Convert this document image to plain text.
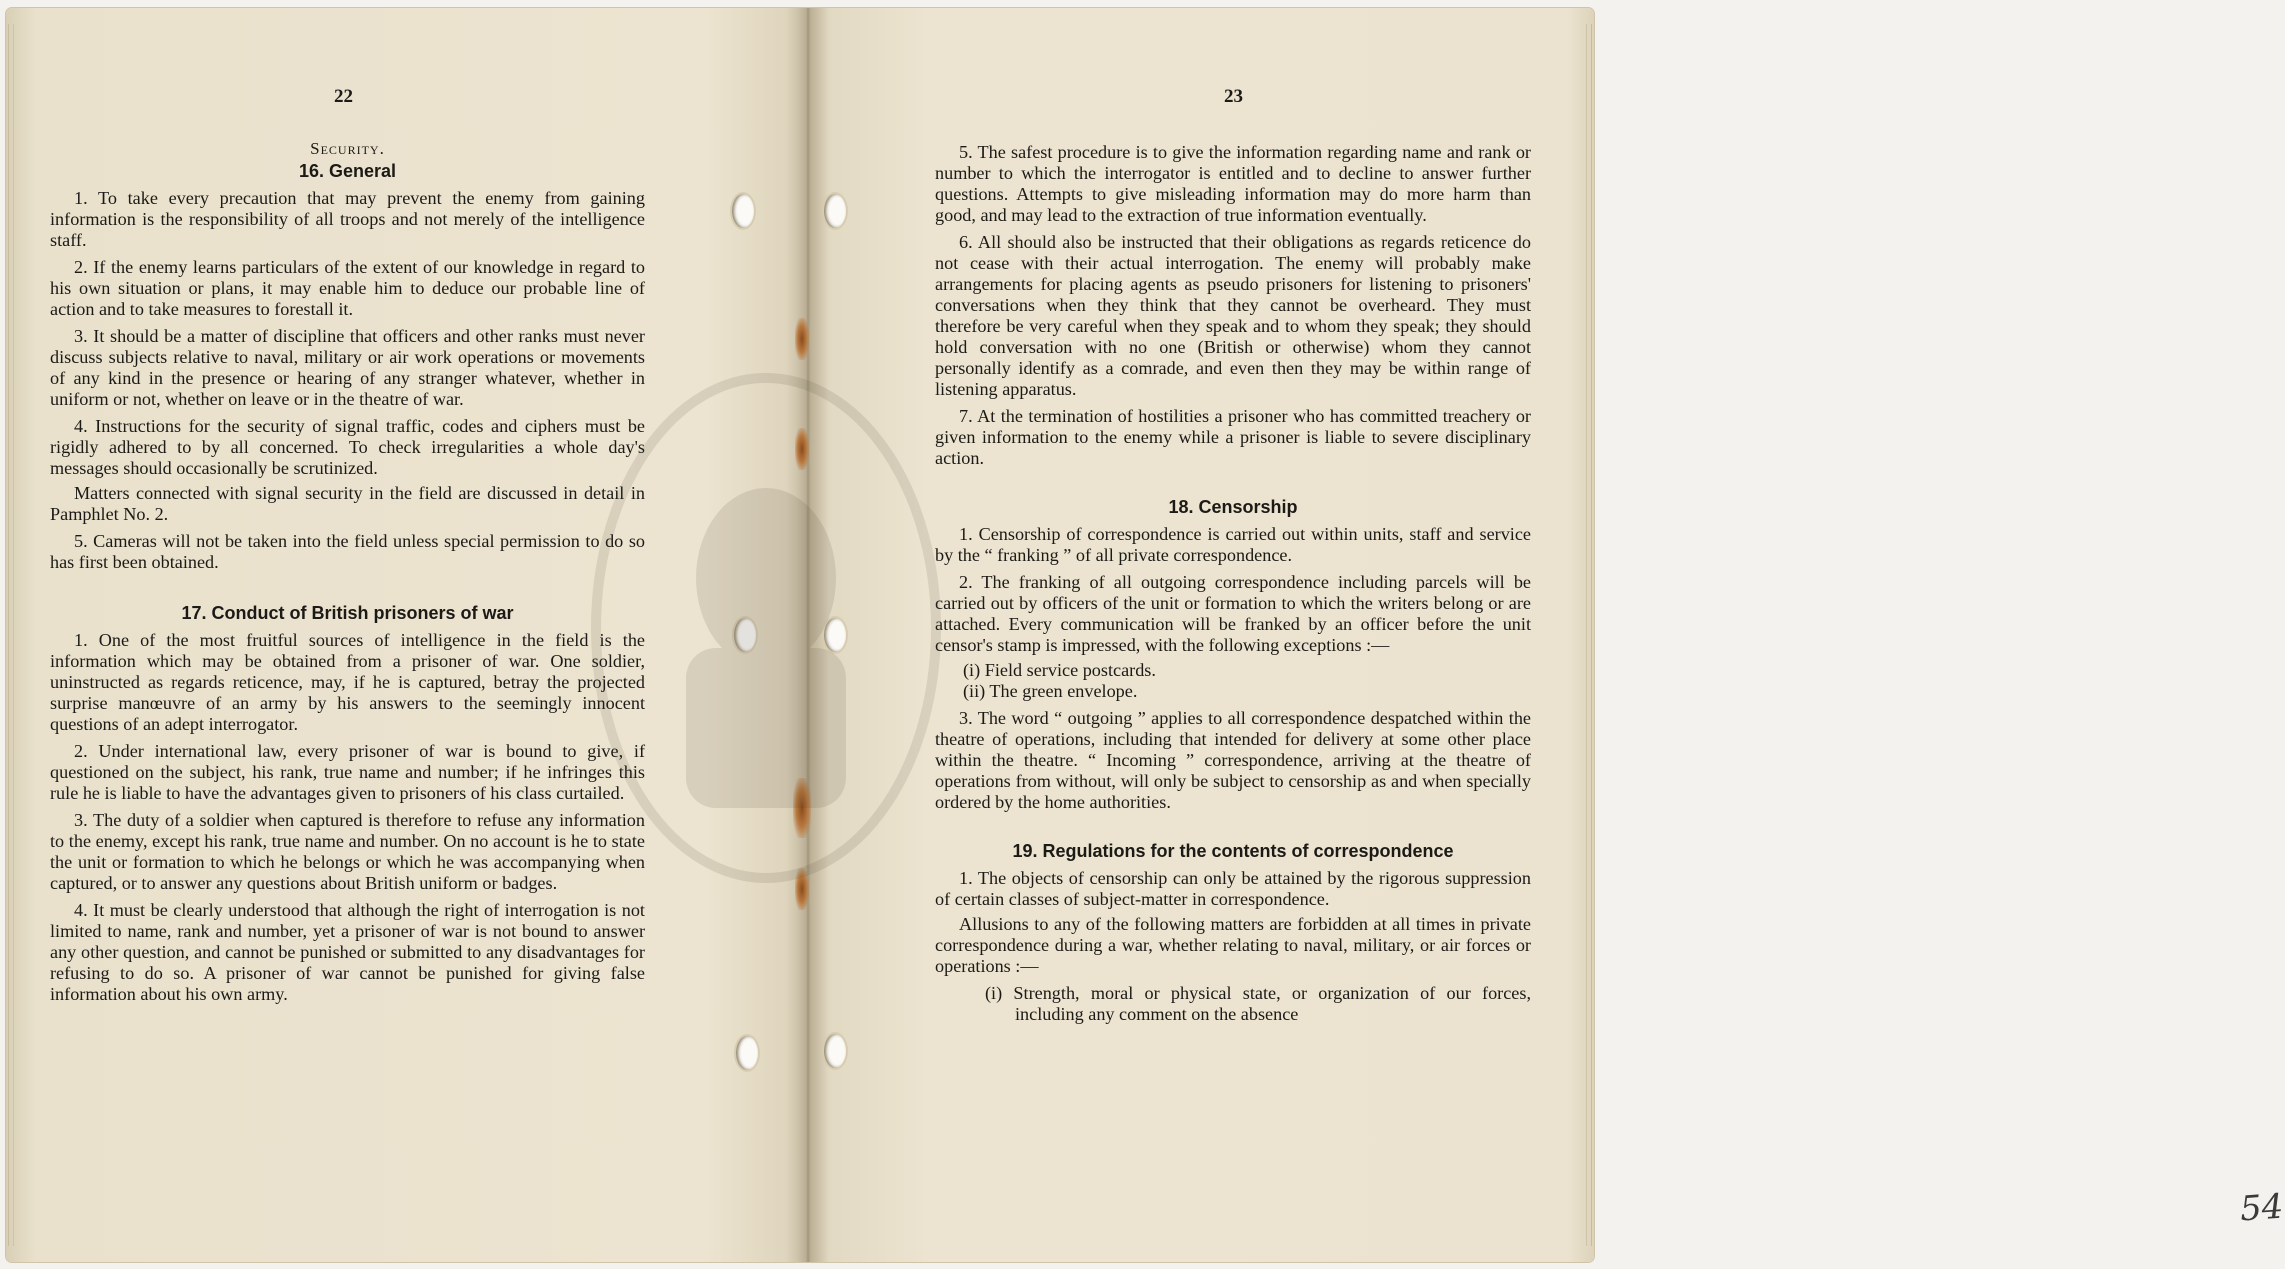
22

Security.

16. General

1. To take every precaution that may prevent the enemy from gaining information is the responsibility of all troops and not merely of the intelligence staff.

2. If the enemy learns particulars of the extent of our knowledge in regard to his own situation or plans, it may enable him to deduce our probable line of action and to take measures to forestall it.

3. It should be a matter of discipline that officers and other ranks must never discuss subjects relative to naval, military or air work operations or movements of any kind in the presence or hearing of any stranger whatever, whether in uniform or not, whether on leave or in the theatre of war.

4. Instructions for the security of signal traffic, codes and ciphers must be rigidly adhered to by all concerned. To check irregularities a whole day's messages should occasionally be scrutinized.

Matters connected with signal security in the field are discussed in detail in Pamphlet No. 2.

5. Cameras will not be taken into the field unless special permission to do so has first been obtained.

17. Conduct of British prisoners of war

1. One of the most fruitful sources of intelligence in the field is the information which may be obtained from a prisoner of war. One soldier, uninstructed as regards reticence, may, if he is captured, betray the projected surprise manœuvre of an army by his answers to the seemingly innocent questions of an adept interrogator.

2. Under international law, every prisoner of war is bound to give, if questioned on the subject, his rank, true name and number; if he infringes this rule he is liable to have the advantages given to prisoners of his class curtailed.

3. The duty of a soldier when captured is therefore to refuse any information to the enemy, except his rank, true name and number. On no account is he to state the unit or formation to which he belongs or which he was accompanying when captured, or to answer any questions about British uniform or badges.

4. It must be clearly understood that although the right of interrogation is not limited to name, rank and number, yet a prisoner of war is not bound to answer any other question, and cannot be punished or submitted to any disadvantages for refusing to do so. A prisoner of war cannot be punished for giving false information about his own army.

23

5. The safest procedure is to give the information regarding name and rank or number to which the interrogator is entitled and to decline to answer further questions. Attempts to give misleading information may do more harm than good, and may lead to the extraction of true information eventually.

6. All should also be instructed that their obligations as regards reticence do not cease with their actual interrogation. The enemy will probably make arrangements for placing agents as pseudo prisoners for listening to prisoners' conversations when they think that they cannot be overheard. They must therefore be very careful when they speak and to whom they speak; they should hold conversation with no one (British or otherwise) whom they cannot personally identify as a comrade, and even then they may be within range of listening apparatus.

7. At the termination of hostilities a prisoner who has committed treachery or given information to the enemy while a prisoner is liable to severe disciplinary action.

18. Censorship

1. Censorship of correspondence is carried out within units, staff and service by the “ franking ” of all private correspondence.

2. The franking of all outgoing correspondence including parcels will be carried out by officers of the unit or formation to which the writers belong or are attached. Every communication will be franked by an officer before the unit censor's stamp is impressed, with the following exceptions :—

(i) Field service postcards.

(ii) The green envelope.

3. The word “ outgoing ” applies to all correspondence despatched within the theatre of operations, including that intended for delivery at some other place within the theatre. “ Incoming ” correspondence, arriving at the theatre of operations from without, will only be subject to censorship as and when specially ordered by the home authorities.

19. Regulations for the contents of correspondence

1. The objects of censorship can only be attained by the rigorous suppression of certain classes of subject-matter in correspondence.

Allusions to any of the following matters are forbidden at all times in private correspondence during a war, whether relating to naval, military, or air forces or operations :—

(i) Strength, moral or physical state, or organization of our forces, including any comment on the absence

54
